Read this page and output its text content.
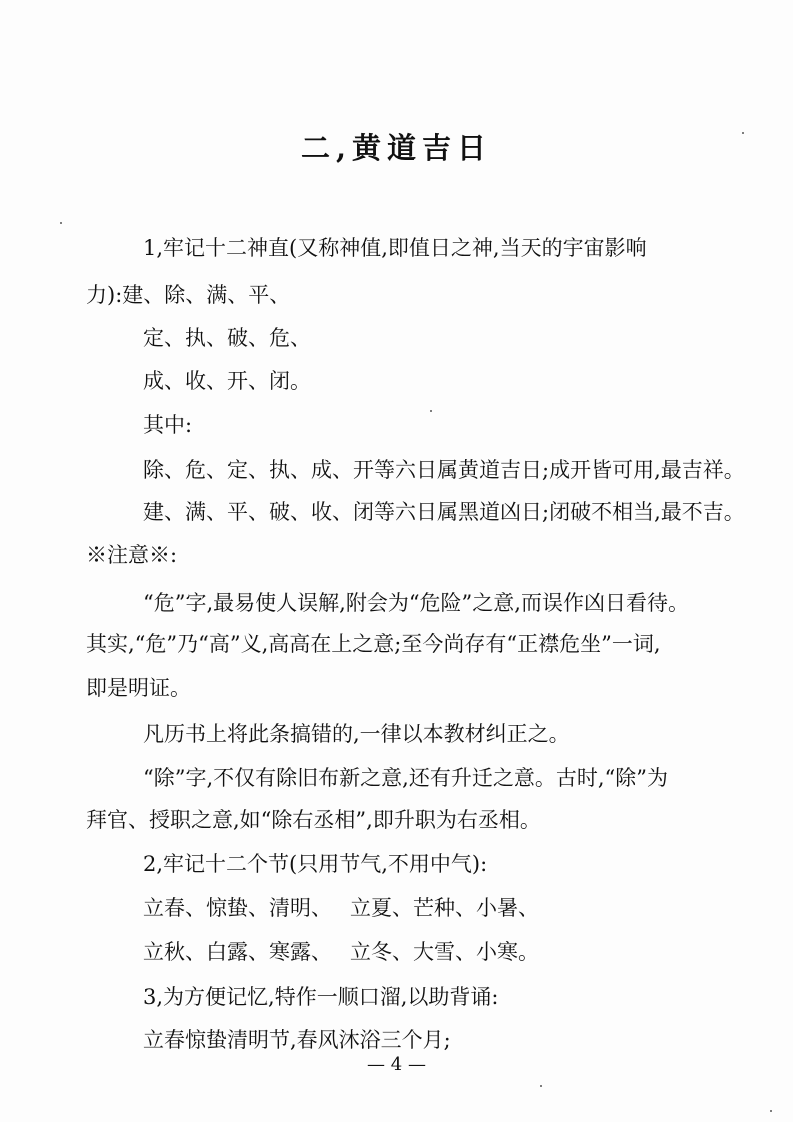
二,黄道吉日
1,牢记十二神直(又称神值,即值日之神,当天的宇宙影响
力):建、除、满、平、
定、执、破、危、
成、收、开、闭。
其中:
除、危、定、执、成、开等六日属黄道吉日;成开皆可用,最吉祥。
建、满、平、破、收、闭等六日属黑道凶日;闭破不相当,最不吉。
※注意※:
“危”字,最易使人误解,附会为“危险”之意,而误作凶日看待。
其实,“危”乃“高”义,高高在上之意;至今尚存有“正襟危坐”一词,
即是明证。
凡历书上将此条搞错的,一律以本教材纠正之。
“除”字,不仅有除旧布新之意,还有升迁之意。古时,“除”为
拜官、授职之意,如“除右丞相”,即升职为右丞相。
2,牢记十二个节(只用节气,不用中气):
立春、惊蛰、清明、 立夏、芒种、小暑、
立秋、白露、寒露、 立冬、大雪、小寒。
3,为方便记忆,特作一顺口溜,以助背诵:
立春惊蛰清明节,春风沐浴三个月;
— 4 —
